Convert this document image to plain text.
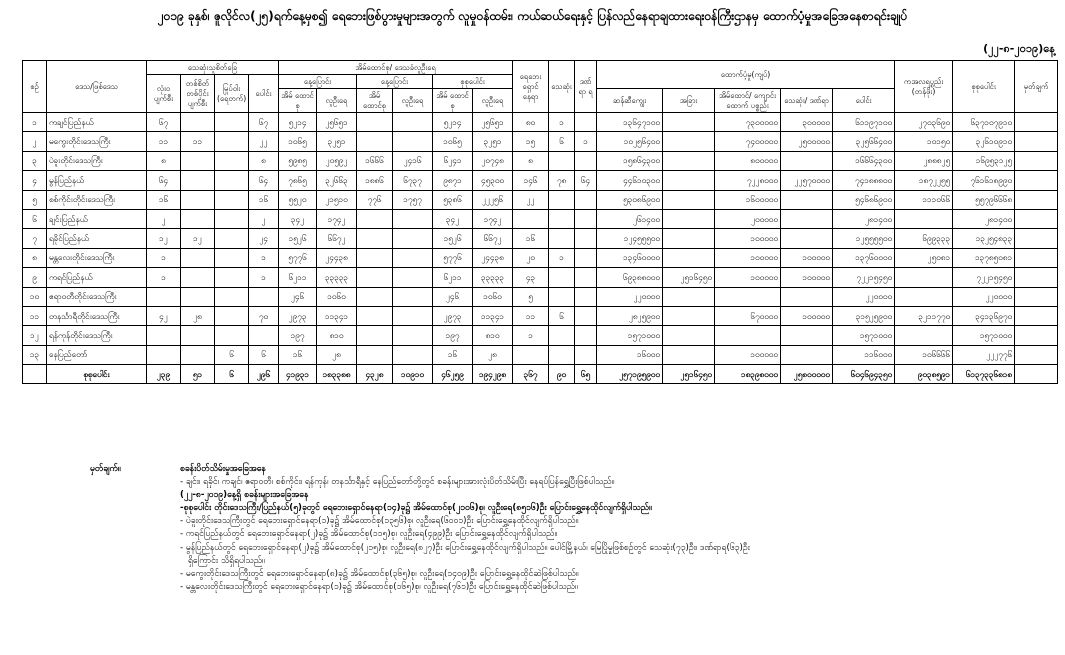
၂၀၁၉ ခုနှစ်၊ ဇူလိုင်လ(၂၅)ရက်နေ့မှစ၍ ရေဘေးဖြစ်ပွားမှုများအတွက် လူမှုဝန်ထမ်း၊ ကယ်ဆယ်ရေးနှင့် ပြန်လည်နေရာချထားရေးဝန်ကြီးဌာနမှ ထောက်ပံ့မှုအခြေအနေစာရင်းချုပ်
(၂၂-၈-၂၀၁၉)နေ့
စဉ်	ဒေသ/ဖြစ်ဒေသ	သေဆုံးသူစိတ်ခြေ				အိမ်ထောင်စု/ ဒေသခံလူဦးရေ						ရေဘေး ရှောင် နေရာ	သေဆုံး	ဒဏ် ရာ ရ	ထောက်ပံ့မှု(ကျပ်)					ကအလရပ္စည်း (တန်ဖိုး)	စုစုပေါင်း	မှတ်ချက်
		လုံးဝ ပျက်စီး	တစ်စိတ် တစ်ပိုင်း ပျက်စီး	မြုပ်ဝါး (ရေတက်)	ပေါင်း	နေ့ပြောင်း		နေ့ပြောင်း		စုစုပေါင်း												
						အိမ် ထောင်စု	လူဦးရေ	အိမ် ထောင်စု	လူဦးရေ	အိမ် ထောင်စု	လူဦးရေ				ဆန်ဆီကျွေး	အခြား	အိမ်ထောင်/ ကျောင်းထောက် ပစ္စည်း	သေဆုံး/ ဒဏ်ရာ	ပေါင်း			
၁	ကချင်ပြည်နယ်	၆၇			၆၇	၅၂၁၄	၂၅၆၅၁			၅၂၁၄	၂၅၆၅၁	၈၀	၁		၁၃၆၄၇၁၀၀		၇၃၀၀၀၀၀	၃၀၀၀၀၀	၆၁၁၉၇၁၀၀	၂၇၀၃၆၉၀	၆၃၇၁၀၇၉၁၀	
၂	မကွေးတိုင်းဒေသကြီး	၁၁	၁၁		၂၂	၁၀၆၅	၃၂၅၁			၁၀၆၅	၃၂၅၁	၁၅	၆	၁	၁၀၂၅၆၄၀၀		၇၄၀၀၀၀၀	၂၅၀၀၀၀၀	၃၂၅၆၆၄၀၀	၁၀၁၅၀	၃၂၆၁၀၉၁၀	
၃	ပဲခူးတိုင်းဒေသကြီး	၈			၈	၅၉၈၅	၂၀၅၉၂	၁၆၆၆	၂၄၁၆	၆၂၄၁	၂၀၇၄၈	၈			၁၅၈၆၄၃၀၀		၈၀၀၀၀၀		၁၆၆၆၄၃၀၀	၂၈၈၈၂၅	၁၆၉၅၃၁၂၅	
၄	မွန်ပြည်နယ်	၆၄			၆၄	၇၈၆၅	၃၂၆၆၃	၁၈၈၆	၆၇၃၇	၉၈၇၁	၄၅၃၀၀	၁၄၆	၇၈	၆၄	၄၄၆၁၀၃၀၀		၇၂၂၈၀၀၀	၂၂၅၇၀၀၀၀	၇၄၁၈၈၈၀၀	၁၈၇၂၂၅၅	၇၆၁၆၁၈၉၉၀	
၅	စစ်ကိုင်းတိုင်းဒေသကြီး	၁၆			၁၆	၅၅၂၀	၂၁၅၁၀	၇၇၆	၁၇၅၇	၅၃၈၆	၂၂၂၅၆	၂၂			၅၃၀၈၆၉၀၀		၁၆၀၀၀၀၀		၅၄၆၈၆၉၀၀	၁၁၁၀၆၆	၅၅၇၉၆၆၆၈	
၆	ချင်းပြည်နယ်	၂			၂	၃၄၂	၁၇၄၂			၃၄၂	၁၇၄၂				၂၆၁၄၀၀		၂၀၀၀၀၀		၂၈၁၄၀၀		၂၈၁၄၀၀	
၇	ရခိုင်ပြည်နယ်	၁၂	၁၂		၂၄	၁၅၂၆	၆၆၇၂			၁၅၂၆	၆၆၇၂	၁၆			၁၂၄၅၅၅၀၀		၁၀၀၀၀၀		၁၂၅၅၅၅၀၀	၆၉၉၃၃၃	၁၃၂၅၄၈၃၃	
၈	မန္တလေးတိုင်းဒေသကြီး	၁			၁	၅၇၇၆	၂၄၄၃၈			၅၇၇၆	၂၄၄၃၈	၂၀	၁		၁၃၄၆၀၀၀၀		၁၀၀၀၀၀	၁၀၀၀၀၀	၁၃၇၆၀၀၀၀	၂၅၀၈၁	၁၃၇၈၅၀၈၁	
၉	ကရင်ပြည်နယ်	၁			၁	၆၂၁၁	၃၃၃၃၃			၆၂၁၁	၃၃၃၃၃	၄၃			၆၉၃၈၈၀၀၀	၂၅၁၆၄၅၀	၁၀၀၀၀၀	၁၀၀၀၀၀	၇၂၂၁၅၄၅၀		၇၂၂၁၅၄၅၀	
၁၀	ဧရာဝတီတိုင်းဒေသကြီး					၂၄၆	၁၀၆၀			၂၄၆	၁၀၆၀	၅			၂၂၀၀၀၀				၂၂၀၀၀၀		၂၂၀၀၀၀	
၁၁	တနင်္သာရီတိုင်းဒေသကြီး	၄၂	၂၈		၇၀	၂၉၇၃	၁၁၃၄၁			၂၉၇၃	၁၁၃၄၁	၁၁	၆		၂၈၂၅၉၀၀		၆၇၀၀၀၀	၁၀၀၀၀၀	၃၁၅၂၅၉၀၀	၃၂၁၁၇၇၀	၃၄၁၃၆၉၇၀	
၁၂	ရန်ကုန်တိုင်းဒေသကြီး					၁၉၇	၈၁၀			၁၉၇	၈၁၀	၁			၁၅၇၁၀၀၀				၁၅၇၁၀၀၀		၁၅၇၁၀၀၀	
၁၃	နေပြည်တော်			၆	၆	၁၆	၂၈			၁၆	၂၈				၁၆၀၀၀		၁၀၀၀၀၀		၁၁၆၀၀၀	၁၀၆၆၆၆	၂၂၂၇၇၆	
	စုစုပေါင်း	၂၃၉	၅၁	၆	၂၉၆	၄၁၉၃၁	၁၈၃၃၈၈	၄၃၂၈	၁၀၉၁၀	၄၆၂၅၉	၁၉၄၂၉၈	၃၆၇	၉၀	၆၅	၂၅၇၁၉၅၉၀၀	၂၅၁၆၄၅၀	၁၈၃၉၈၀၀၀	၂၅၈၀၀၀၀၀	၆၀၄၆၉၄၃၅၀	၉၀၃၈၅၉၁	၆၁၃၇၃၃၆၈၁၈	
မှတ်ချက်။	စခန်းပိတ်သိမ်းမှုအခြေအနေ
- ချင်း၊ ရခိုင်၊ ကချင်၊ ဧရာဝတီ၊ စစ်ကိုင်း၊ ရန်ကုန်၊ တနင်္သာရီနှင့် နေပြည်တော်တို့တွင် စခန်းများအားလုံးပိတ်သိမ်းပြီး နေရပ်ပြန်ရွှေ့ပြီးဖြစ်ပါသည်။
(၂၂-၈-၂၀၁၉)နေ့ရှိ စခန်းများအခြေအနေ
-စုစုပေါင်း တိုင်းဒေသကြီး/ပြည်နယ်(၅)ခုတွင် ရေဘေးရှောင်နေရာ(၁၄)ခု၌ အိမ်ထောင်စု(၂၁၀၆)စု၊ လူဦးရေ(၈၅၁၆)ဦး ပြောင်းရွှေ့နေထိုင်လျက်ရှိပါသည်။
- ပဲခူးတိုင်းဒေသကြီးတွင် ရေဘေးရှောင်နေရာ(၁)ခု၌ အိမ်ထောင်စု(၁၃၅၆)စု၊ လူဦးရေ(၆၀၀၁)ဦး ပြောင်းရွှေ့နေထိုင်လျက်ရှိပါသည်။
- ကရင်ပြည်နယ်တွင် ရေဘေးရှောင်နေရာ(၂)ခု၌ အိမ်ထောင်စု(၁၁၅)စု၊ လူဦးရေ(၄၉၉)ဦး ပြောင်းရွှေ့နေထိုင်လျက်ရှိပါသည်။
- မွန်ပြည်နယ်တွင် ရေဘေးရှောင်နေရာ(၂)ခု၌ အိမ်ထောင်စု(၂၁၅)စု၊ လူဦးရေ(၈၂၇)ဦး ပြောင်းရွှေ့နေထိုင်လျက်ရှိပါသည်။ ပေါင်မြို့နယ်၊ မြေပြိုမှုဖြစ်စဉ်တွင် သေဆုံး(၇၃)ဦး၊ ဒဏ်ရာရ(၆၃)ဦး
ရှိကြောင်း သိရှိရပါသည်။
- မကွေးတိုင်းဒေသကြီးတွင် ရေဘေးရှောင်နေရာ(၈)ခု၌ အိမ်ထောင်စု(၃၆၅)စု၊ လူဦးရေ(၁၄၀၉)ဦး ပြောင်းရွှေ့နေထိုင်ဆဲဖြစ်ပါသည်။
- မန္တလေးတိုင်းဒေသကြီးတွင် ရေဘေးရှောင်နေရာ(၁)ခု၌ အိမ်ထောင်စု(၁၆၅)စု၊ လူဦးရေ(၇၆၁)ဦး ပြောင်းရွှေ့နေထိုင်ဆဲဖြစ်ပါသည်။
